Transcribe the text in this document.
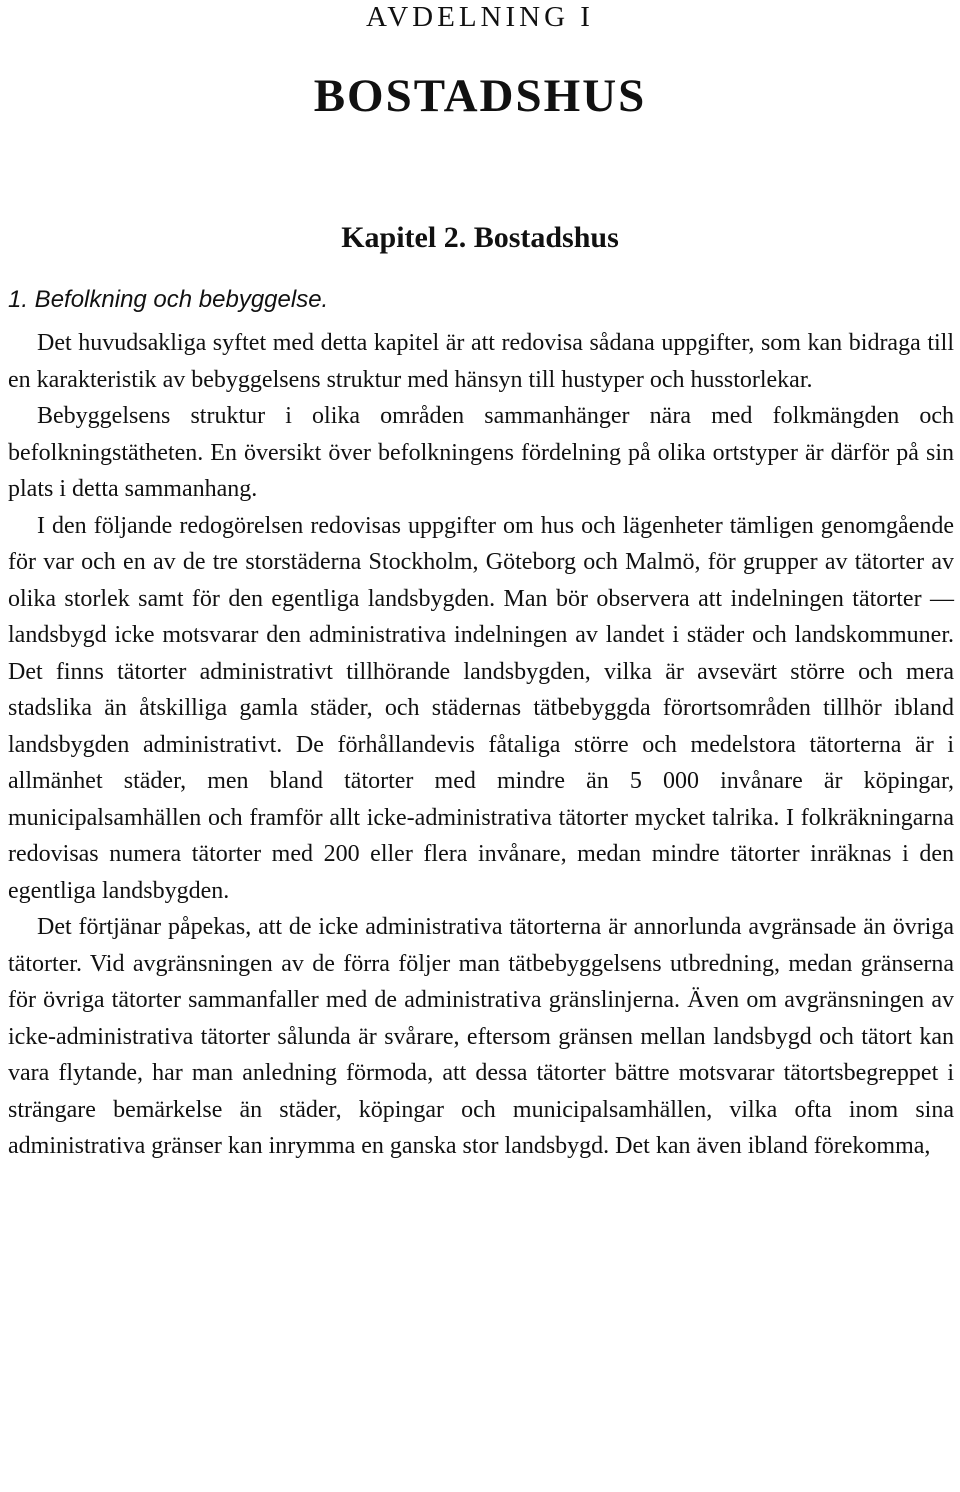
AVDELNING I
BOSTADSHUS
Kapitel 2. Bostadshus
1. Befolkning och bebyggelse.

Det huvudsakliga syftet med detta kapitel är att redovisa sådana uppgifter, som kan bidraga till en karakteristik av bebyggelsens struktur med hänsyn till hustyper och husstorlekar.

Bebyggelsens struktur i olika områden sammanhänger nära med folkmängden och befolkningstätheten. En översikt över befolkningens fördelning på olika ortstyper är därför på sin plats i detta sammanhang.

I den följande redogörelsen redovisas uppgifter om hus och lägenheter tämligen genomgående för var och en av de tre storstäderna Stockholm, Göteborg och Malmö, för grupper av tätorter av olika storlek samt för den egentliga landsbygden. Man bör observera att indelningen tätorter — landsbygd icke motsvarar den administrativa indelningen av landet i städer och landskommuner. Det finns tätorter administrativt tillhörande landsbygden, vilka är avsevärt större och mera stadslika än åtskilliga gamla städer, och städernas tätbebyggda förortsområden tillhör ibland landsbygden administrativt. De förhållandevis fåtaliga större och medelstora tätorterna är i allmänhet städer, men bland tätorter med mindre än 5 000 invånare är köpingar, municipalsamhällen och framför allt icke-administrativa tätorter mycket talrika. I folkräkningarna redovisas numera tätorter med 200 eller flera invånare, medan mindre tätorter inräknas i den egentliga landsbygden.

Det förtjänar påpekas, att de icke administrativa tätorterna är annorlunda avgränsade än övriga tätorter. Vid avgränsningen av de förra följer man tätbebyggelsens utbredning, medan gränserna för övriga tätorter sammanfaller med de administrativa gränslinjerna. Även om avgränsningen av icke-administrativa tätorter sålunda är svårare, eftersom gränsen mellan landsbygd och tätort kan vara flytande, har man anledning förmoda, att dessa tätorter bättre motsvarar tätortsbegreppet i strängare bemärkelse än städer, köpingar och municipalsamhällen, vilka ofta inom sina administrativa gränser kan inrymma en ganska stor landsbygd. Det kan även ibland förekomma,
